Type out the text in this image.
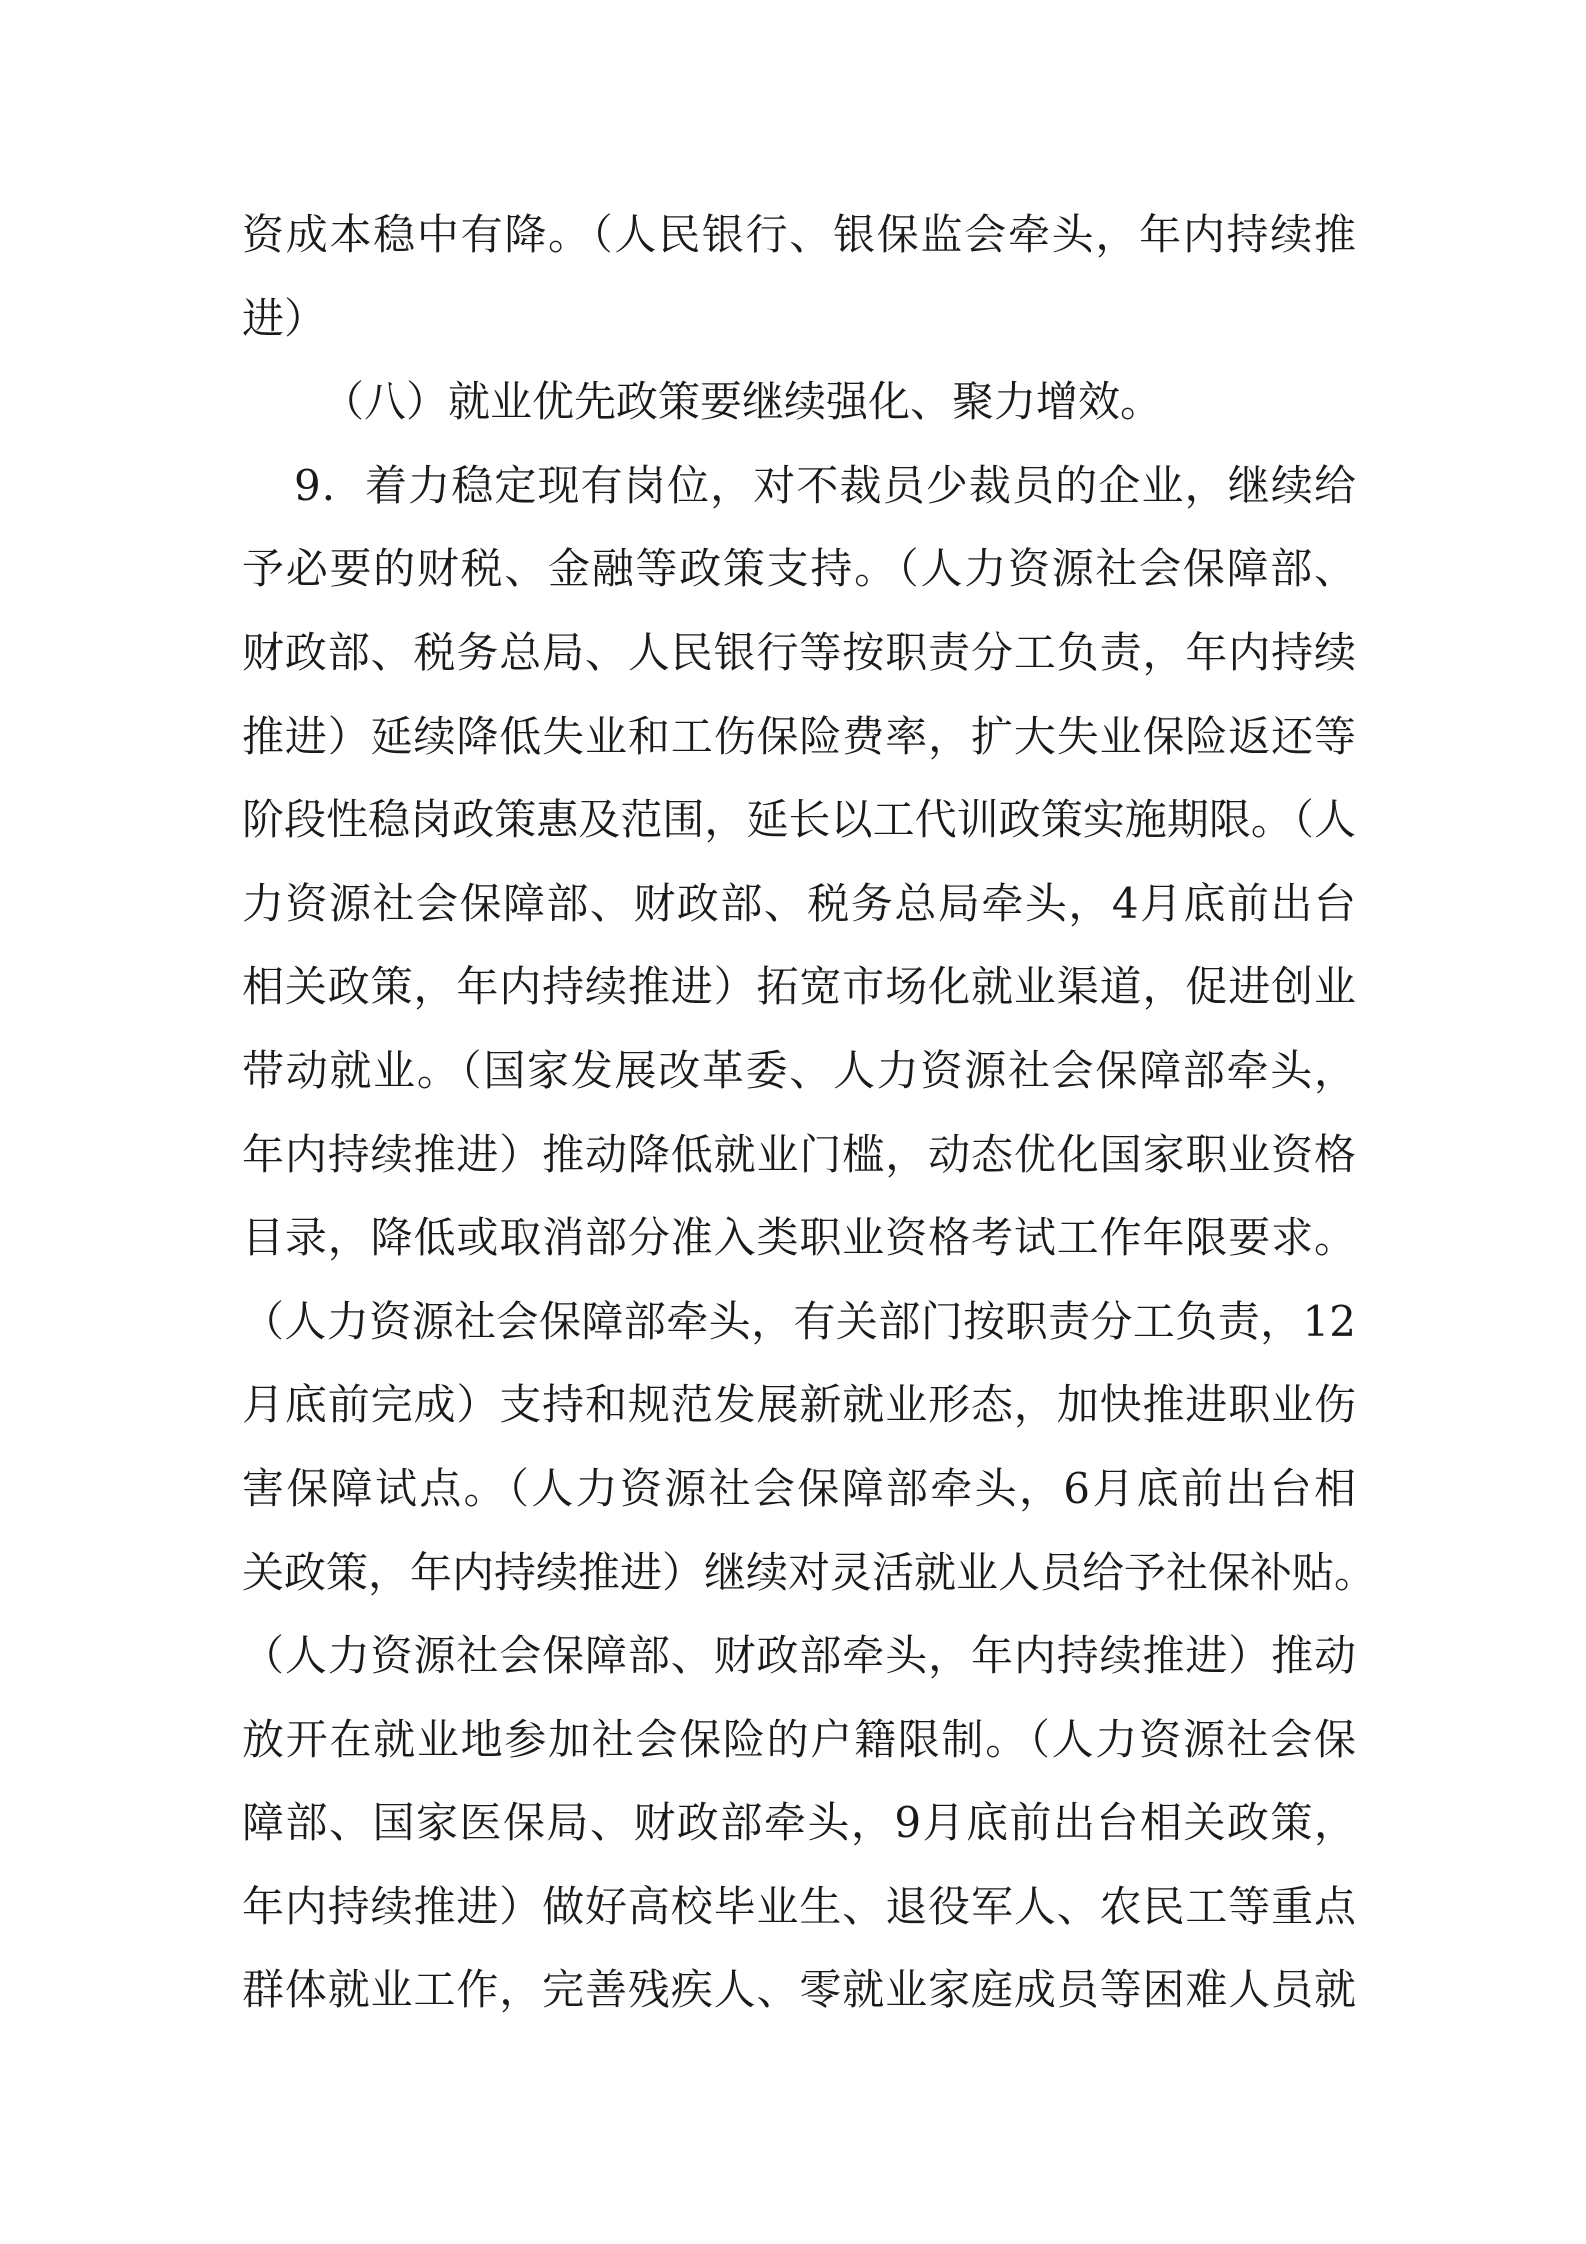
资成本稳中有降。（人民银行、银保监会牵头，年内持续推
进）
（八）就业优先政策要继续强化、聚力增效。
9．着力稳定现有岗位，对不裁员少裁员的企业，继续给
予必要的财税、金融等政策支持。（人力资源社会保障部、
财政部、税务总局、人民银行等按职责分工负责，年内持续
推进）延续降低失业和工伤保险费率，扩大失业保险返还等
阶段性稳岗政策惠及范围，延长以工代训政策实施期限。（人
力资源社会保障部、财政部、税务总局牵头，4月底前出台
相关政策，年内持续推进）拓宽市场化就业渠道，促进创业
带动就业。（国家发展改革委、人力资源社会保障部牵头，
年内持续推进）推动降低就业门槛，动态优化国家职业资格
目录，降低或取消部分准入类职业资格考试工作年限要求。
（人力资源社会保障部牵头，有关部门按职责分工负责，12
月底前完成）支持和规范发展新就业形态，加快推进职业伤
害保障试点。（人力资源社会保障部牵头，6月底前出台相
关政策，年内持续推进）继续对灵活就业人员给予社保补贴。
（人力资源社会保障部、财政部牵头，年内持续推进）推动
放开在就业地参加社会保险的户籍限制。（人力资源社会保
障部、国家医保局、财政部牵头，9月底前出台相关政策，
年内持续推进）做好高校毕业生、退役军人、农民工等重点
群体就业工作，完善残疾人、零就业家庭成员等困难人员就
